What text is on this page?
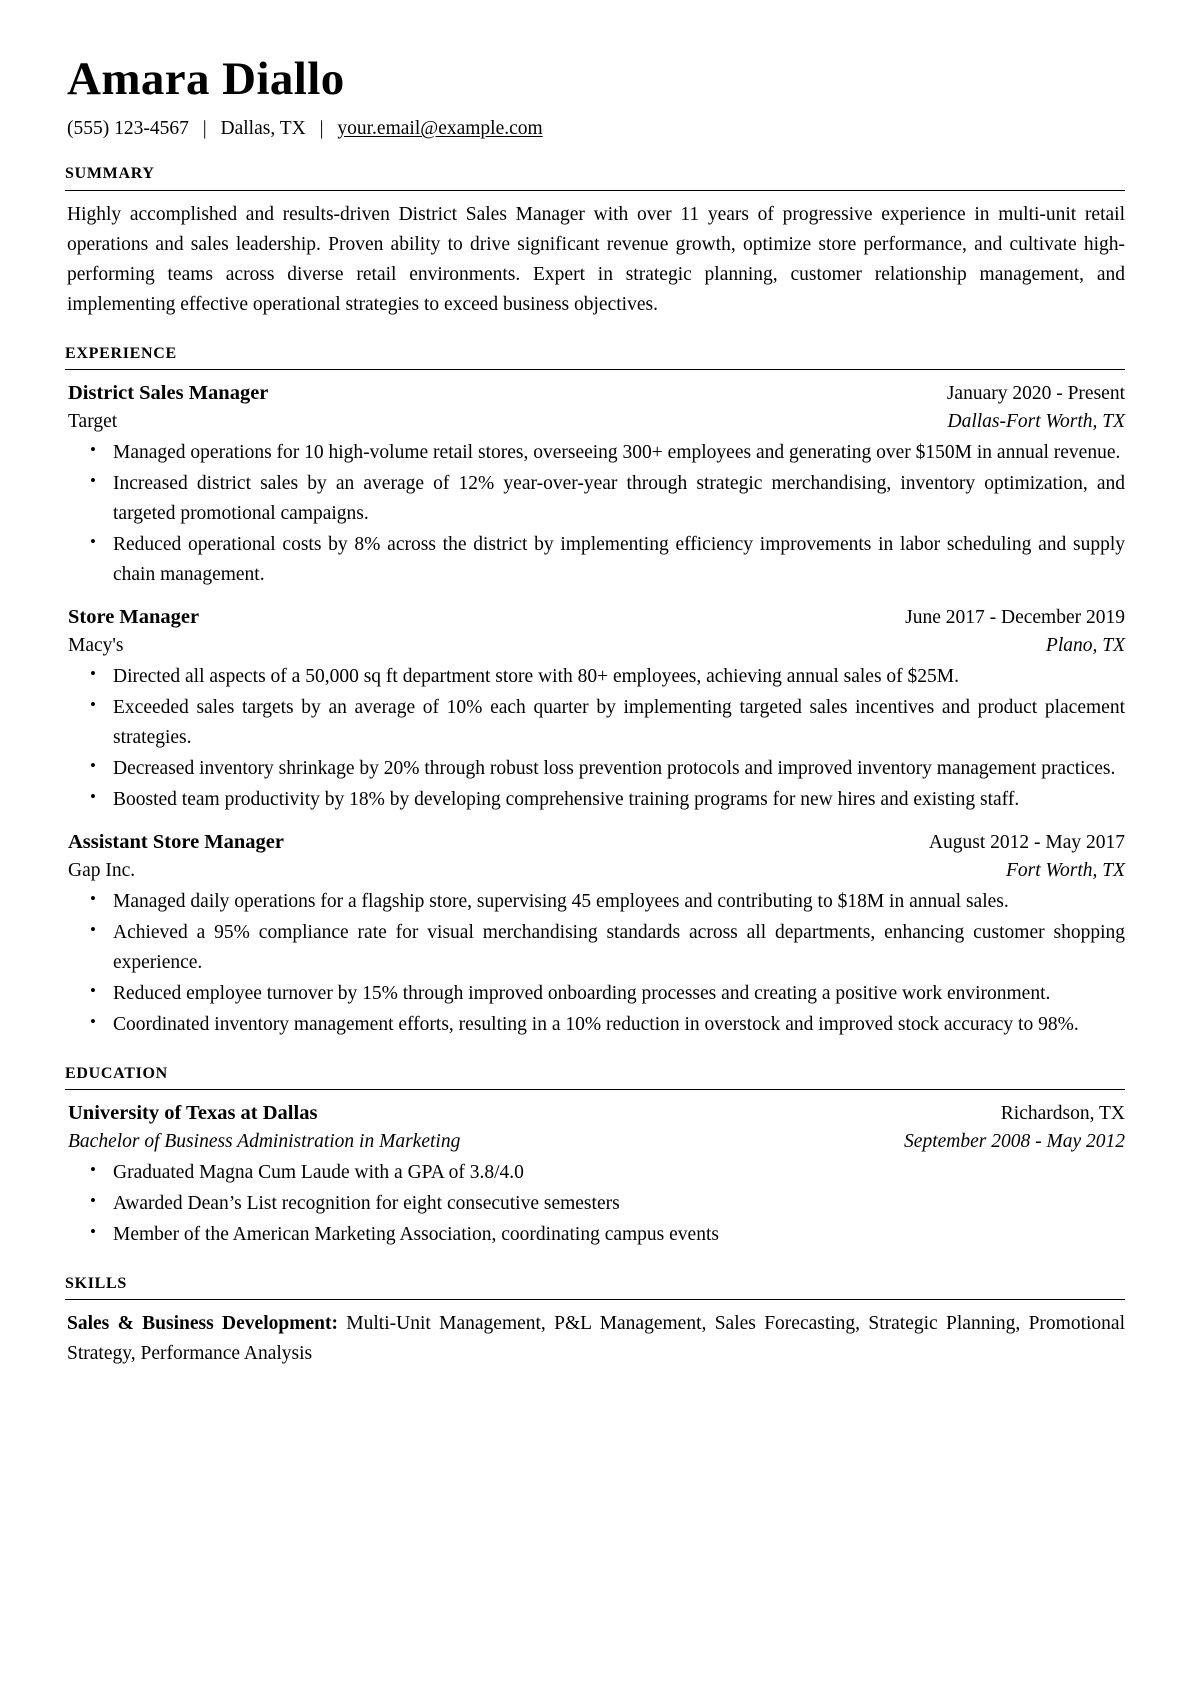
Amara Diallo
(555) 123-4567 | Dallas, TX | your.email@example.com
summary

Highly accomplished and results-driven District Sales Manager with over 11 years of progressive experience in multi-unit retail operations and sales leadership. Proven ability to drive significant revenue growth, optimize store performance, and cultivate high-performing teams across diverse retail environments. Expert in strategic planning, customer relationship management, and implementing effective operational strategies to exceed business objectives.

experience
District Sales Manager	January 2020 - Present
Target	Dallas-Fort Worth, TX
• Managed operations for 10 high-volume retail stores, overseeing 300+ employees and generating over $150M in annual revenue.
• Increased district sales by an average of 12% year-over-year through strategic merchandising, inventory optimization, and targeted promotional campaigns.
• Reduced operational costs by 8% across the district by implementing efficiency improvements in labor scheduling and supply chain management.
Store Manager	June 2017 - December 2019
Macy's	Plano, TX
• Directed all aspects of a 50,000 sq ft department store with 80+ employees, achieving annual sales of $25M.
• Exceeded sales targets by an average of 10% each quarter by implementing targeted sales incentives and product placement strategies.
• Decreased inventory shrinkage by 20% through robust loss prevention protocols and improved inventory management practices.
• Boosted team productivity by 18% by developing comprehensive training programs for new hires and existing staff.
Assistant Store Manager	August 2012 - May 2017
Gap Inc.	Fort Worth, TX
• Managed daily operations for a flagship store, supervising 45 employees and contributing to $18M in annual sales.
• Achieved a 95% compliance rate for visual merchandising standards across all departments, enhancing customer shopping experience.
• Reduced employee turnover by 15% through improved onboarding processes and creating a positive work environment.
• Coordinated inventory management efforts, resulting in a 10% reduction in overstock and improved stock accuracy to 98%.
education
University of Texas at Dallas	Richardson, TX
Bachelor of Business Administration in Marketing	September 2008 - May 2012
• Graduated Magna Cum Laude with a GPA of 3.8/4.0
• Awarded Dean’s List recognition for eight consecutive semesters
• Member of the American Marketing Association, coordinating campus events
skills

Sales & Business Development: Multi-Unit Management, P&L Management, Sales Forecasting, Strategic Planning, Promotional Strategy, Performance Analysis
